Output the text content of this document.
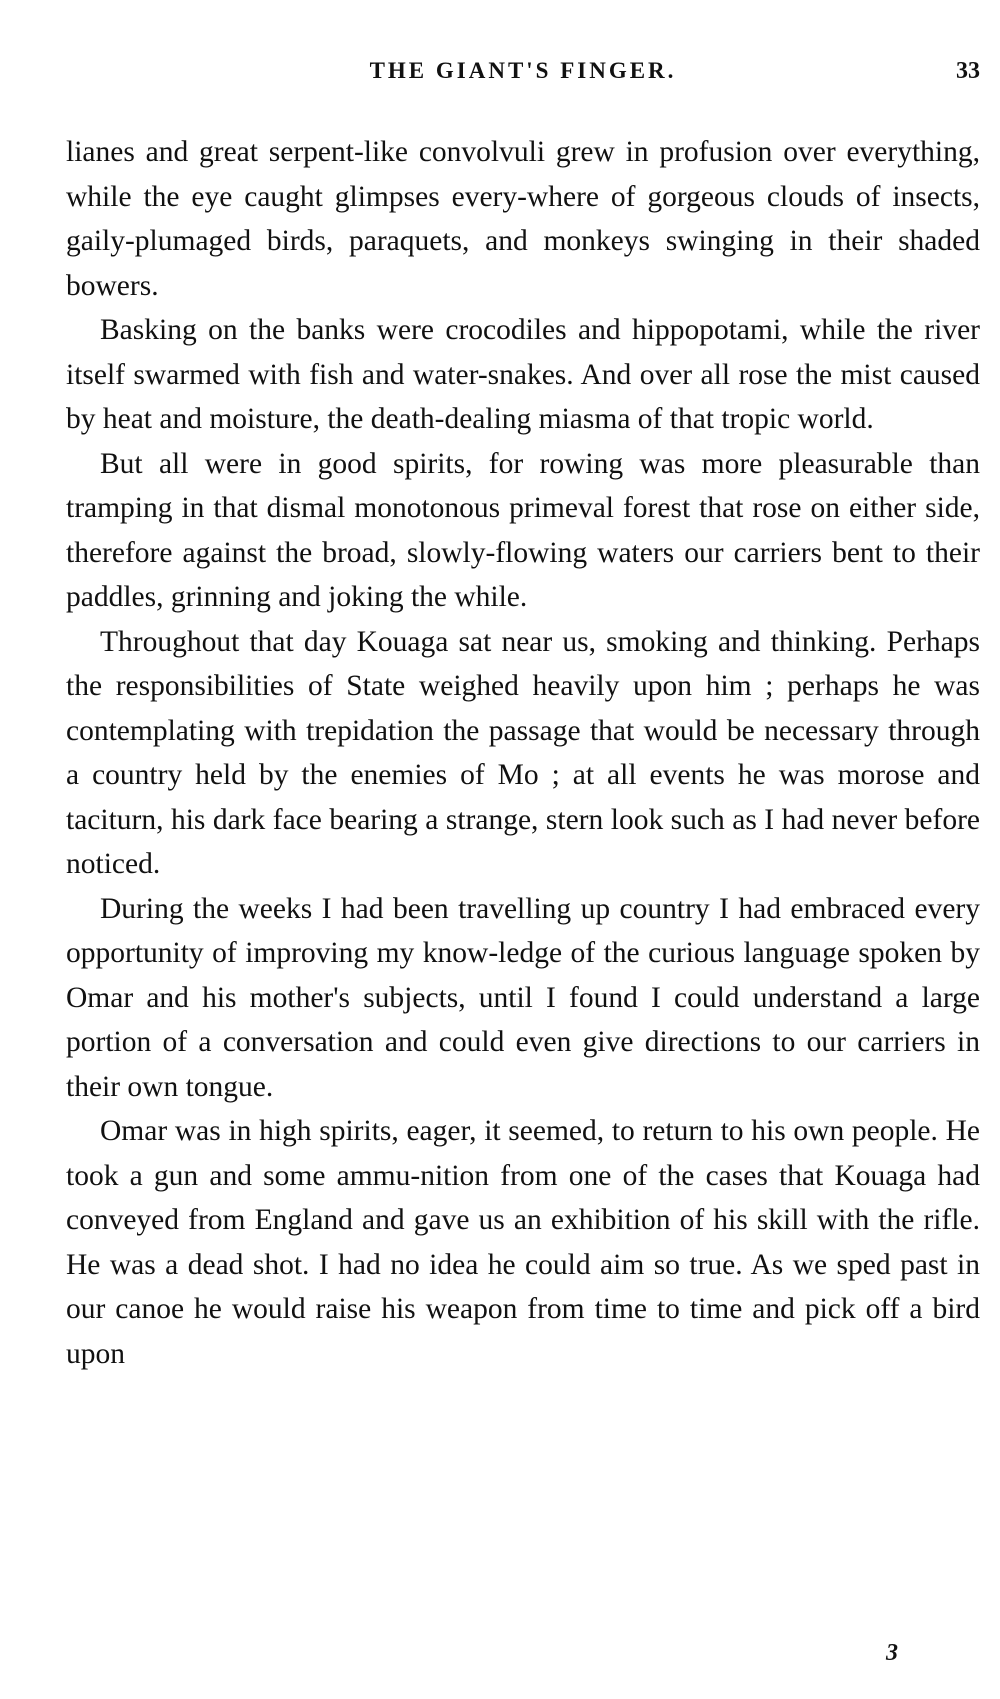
THE GIANT'S FINGER.	33

lianes and great serpent-like convolvuli grew in profusion over everything, while the eye caught glimpses every-where of gorgeous clouds of insects, gaily-plumaged birds, paraquets, and monkeys swinging in their shaded bowers.

Basking on the banks were crocodiles and hippopotami, while the river itself swarmed with fish and water-snakes. And over all rose the mist caused by heat and moisture, the death-dealing miasma of that tropic world.

But all were in good spirits, for rowing was more pleasurable than tramping in that dismal monotonous primeval forest that rose on either side, therefore against the broad, slowly-flowing waters our carriers bent to their paddles, grinning and joking the while.

Throughout that day Kouaga sat near us, smoking and thinking. Perhaps the responsibilities of State weighed heavily upon him ; perhaps he was contemplating with trepidation the passage that would be necessary through a country held by the enemies of Mo ; at all events he was morose and taciturn, his dark face bearing a strange, stern look such as I had never before noticed.

During the weeks I had been travelling up country I had embraced every opportunity of improving my know-ledge of the curious language spoken by Omar and his mother's subjects, until I found I could understand a large portion of a conversation and could even give directions to our carriers in their own tongue.

Omar was in high spirits, eager, it seemed, to return to his own people. He took a gun and some ammu-nition from one of the cases that Kouaga had conveyed from England and gave us an exhibition of his skill with the rifle. He was a dead shot. I had no idea he could aim so true. As we sped past in our canoe he would raise his weapon from time to time and pick off a bird upon

3
